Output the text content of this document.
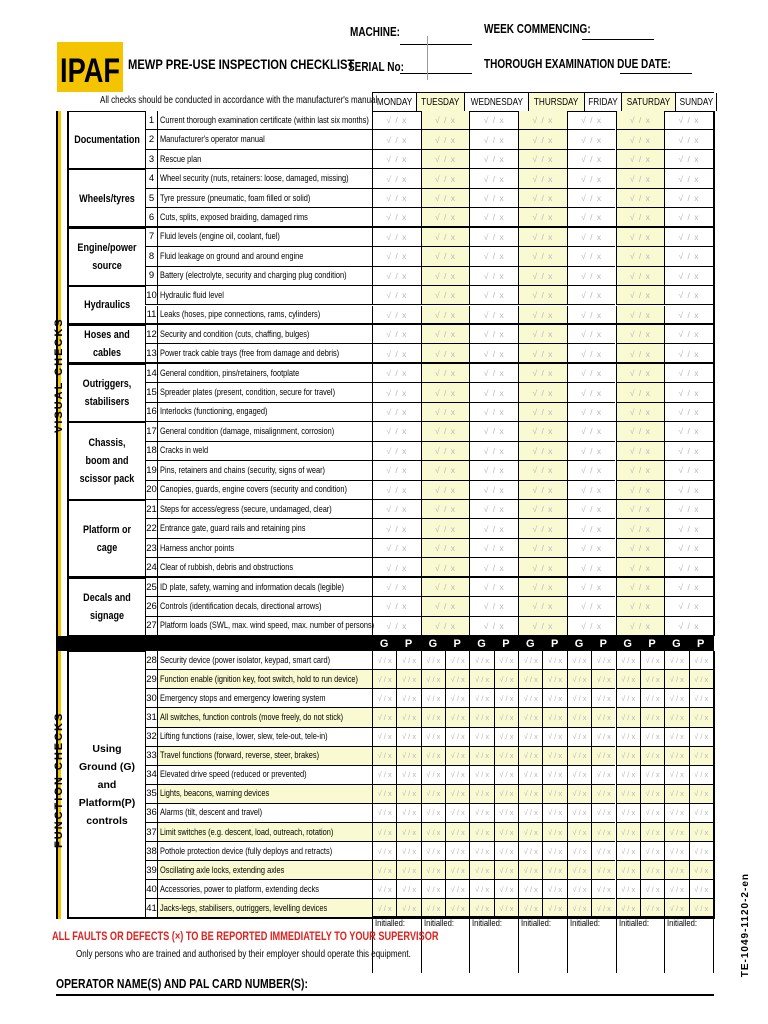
IPAF MEWP PRE-USE INSPECTION CHECKLIST
MACHINE:
SERIAL No:
WEEK COMMENCING:
THOROUGH EXAMINATION DUE DATE:
All checks should be conducted in accordance with the manufacturer's manual MONDAY TUESDAY WEDNESDAY THURSDAY FRIDAY SATURDAY SUNDAY
Documentation
1 Current thorough examination certificate (within last six months) √ / x	√ / x	√ / x	√ / x	√ / x	√ / x	√ / x
2 Manufacturer's operator manual	√ / x	√ / x	√ / x	√ / x	√ / x	√ / x	√ / x
3 Rescue plan	√ / x	√ / x	√ / x	√ / x	√ / x	√ / x	√ / x
Wheels/tyres
4 Wheel security (nuts, retainers: loose, damaged, missing)	√ / x	√ / x	√ / x	√ / x	√ / x	√ / x	√ / x
5 Tyre pressure (pneumatic, foam filled or solid)	√ / x	√ / x	√ / x	√ / x	√ / x	√ / x	√ / x
6 Cuts, splits, exposed braiding, damaged rims	√ / x	√ / x	√ / x	√ / x	√ / x	√ / x	√ / x
Engine/power source
7 Fluid levels (engine oil, coolant, fuel)	√ / x	√ / x	√ / x	√ / x	√ / x	√ / x	√ / x
8 Fluid leakage on ground and around engine	√ / x	√ / x	√ / x	√ / x	√ / x	√ / x	√ / x
9 Battery (electrolyte, security and charging plug condition)	√ / x	√ / x	√ / x	√ / x	√ / x	√ / x	√ / x
Hydraulics
10 Hydraulic fluid level	√ / x	√ / x	√ / x	√ / x	√ / x	√ / x	√ / x
11 Leaks (hoses, pipe connections, rams, cylinders)	√ / x	√ / x	√ / x	√ / x	√ / x	√ / x	√ / x
Hoses and cables
12 Security and condition (cuts, chaffing, bulges)	√ / x	√ / x	√ / x	√ / x	√ / x	√ / x	√ / x
13 Power track cable trays (free from damage and debris)	√ / x	√ / x	√ / x	√ / x	√ / x	√ / x	√ / x
Outriggers, stabilisers
14 General condition, pins/retainers, footplate	√ / x	√ / x	√ / x	√ / x	√ / x	√ / x	√ / x
15 Spreader plates (present, condition, secure for travel)	√ / x	√ / x	√ / x	√ / x	√ / x	√ / x	√ / x
16 Interlocks (functioning, engaged)	√ / x	√ / x	√ / x	√ / x	√ / x	√ / x	√ / x
Chassis, boom and scissor pack
17 General condition (damage, misalignment, corrosion)	√ / x	√ / x	√ / x	√ / x	√ / x	√ / x	√ / x
18 Cracks in weld	√ / x	√ / x	√ / x	√ / x	√ / x	√ / x	√ / x
19 Pins, retainers and chains (security, signs of wear)	√ / x	√ / x	√ / x	√ / x	√ / x	√ / x	√ / x
20 Canopies, guards, engine covers (security and condition)	√ / x	√ / x	√ / x	√ / x	√ / x	√ / x	√ / x
Platform or cage
21 Steps for access/egress (secure, undamaged, clear)	√ / x	√ / x	√ / x	√ / x	√ / x	√ / x	√ / x
22 Entrance gate, guard rails and retaining pins	√ / x	√ / x	√ / x	√ / x	√ / x	√ / x	√ / x
23 Harness anchor points	√ / x	√ / x	√ / x	√ / x	√ / x	√ / x	√ / x
24 Clear of rubbish, debris and obstructions	√ / x	√ / x	√ / x	√ / x	√ / x	√ / x	√ / x
Decals and signage
25 ID plate, safety, warning and information decals (legible)	√ / x	√ / x	√ / x	√ / x	√ / x	√ / x	√ / x
26 Controls (identification decals, directional arrows)	√ / x	√ / x	√ / x	√ / x	√ / x	√ / x	√ / x
27 Platform loads (SWL, max. wind speed, max. number of persons) √ / x	√ / x	√ / x	√ / x	√ / x	√ / x	√ / x
G	P	G	P	G	P	G	P	G	P	G	P	G	P
Using Ground (G) and Platform(P) controls
28 Security device (power isolator, keypad, smart card)	√ / x √ / x √ / x √ / x √ / x √ / x √ / x √ / x √ / x √ / x √ / x √ / x √ / x √ / x
29 Function enable (ignition key, foot switch, hold to run device)	√ / x √ / x √ / x √ / x √ / x √ / x √ / x √ / x √ / x √ / x √ / x √ / x √ / x √ / x
30 Emergency stops and emergency lowering system	√ / x √ / x √ / x √ / x √ / x √ / x √ / x √ / x √ / x √ / x √ / x √ / x √ / x √ / x
31 All switches, function controls (move freely, do not stick)	√ / x √ / x √ / x √ / x √ / x √ / x √ / x √ / x √ / x √ / x √ / x √ / x √ / x √ / x
32 Lifting functions (raise, lower, slew, tele-out, tele-in)	√ / x √ / x √ / x √ / x √ / x √ / x √ / x √ / x √ / x √ / x √ / x √ / x √ / x √ / x
33 Travel functions (forward, reverse, steer, brakes)	√ / x √ / x √ / x √ / x √ / x √ / x √ / x √ / x √ / x √ / x √ / x √ / x √ / x √ / x
34 Elevated drive speed (reduced or prevented)	√ / x √ / x √ / x √ / x √ / x √ / x √ / x √ / x √ / x √ / x √ / x √ / x √ / x √ / x
35 Lights, beacons, warning devices	√ / x √ / x √ / x √ / x √ / x √ / x √ / x √ / x √ / x √ / x √ / x √ / x √ / x √ / x
36 Alarms (tilt, descent and travel)	√ / x √ / x √ / x √ / x √ / x √ / x √ / x √ / x √ / x √ / x √ / x √ / x √ / x √ / x
37 Limit switches (e.g. descent, load, outreach, rotation)	√ / x √ / x √ / x √ / x √ / x √ / x √ / x √ / x √ / x √ / x √ / x √ / x √ / x √ / x
38 Pothole protection device (fully deploys and retracts)	√ / x √ / x √ / x √ / x √ / x √ / x √ / x √ / x √ / x √ / x √ / x √ / x √ / x √ / x
39 Oscillating axle locks, extending axles	√ / x √ / x √ / x √ / x √ / x √ / x √ / x √ / x √ / x √ / x √ / x √ / x √ / x √ / x
40 Accessories, power to platform, extending decks	√ / x √ / x √ / x √ / x √ / x √ / x √ / x √ / x √ / x √ / x √ / x √ / x √ / x √ / x
41 Jacks-legs, stabilisers, outriggers, levelling devices	√ / x √ / x √ / x √ / x √ / x √ / x √ / x √ / x √ / x √ / x √ / x √ / x √ / x √ / x
VISUAL CHECKS
FUNCTION CHECKS
Initialled: Initialled: Initialled: Initialled: Initialled: Initialled: Initialled:
ALL FAULTS OR DEFECTS (×) TO BE REPORTED IMMEDIATELY TO YOUR SUPERVISOR
Only persons who are trained and authorised by their employer should operate this equipment.
OPERATOR NAME(S) AND PAL CARD NUMBER(S):
TE-1049-1120-2-en
